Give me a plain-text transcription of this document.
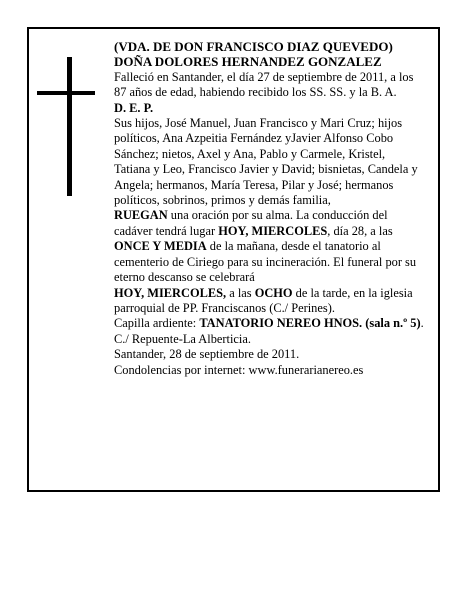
(VDA. DE DON FRANCISCO DIAZ QUEVEDO)

DOÑA DOLORES HERNANDEZ GONZALEZ

Falleció en Santander, el día 27 de septiembre de 2011, a los 87 años de edad, habiendo recibido los SS. SS. y la B. A.

D. E. P.

Sus hijos, José Manuel, Juan Francisco y Mari Cruz; hijos políticos, Ana Azpeitia Fernández yJavier Alfonso Cobo Sánchez; nietos, Axel y Ana, Pablo y Carmele, Kristel, Tatiana y Leo, Francisco Javier y David; bisnietas, Candela y Angela; hermanos, María Teresa, Pilar y José; hermanos políticos, sobrinos, primos y demás familia,

RUEGAN una oración por su alma. La conducción del cadáver tendrá lugar HOY, MIERCOLES, día 28, a las ONCE Y MEDIA de la mañana, desde el tanatorio al cementerio de Ciriego para su incineración. El funeral por su eterno descanso se celebrará

HOY, MIERCOLES, a las OCHO de la tarde, en la iglesia parroquial de PP. Franciscanos (C./ Perines).

Capilla ardiente: TANATORIO NEREO HNOS. (sala n.º 5). C./ Repuente-La Alberticia.

Santander, 28 de septiembre de 2011.

Condolencias por internet: www.funerarianereo.es
